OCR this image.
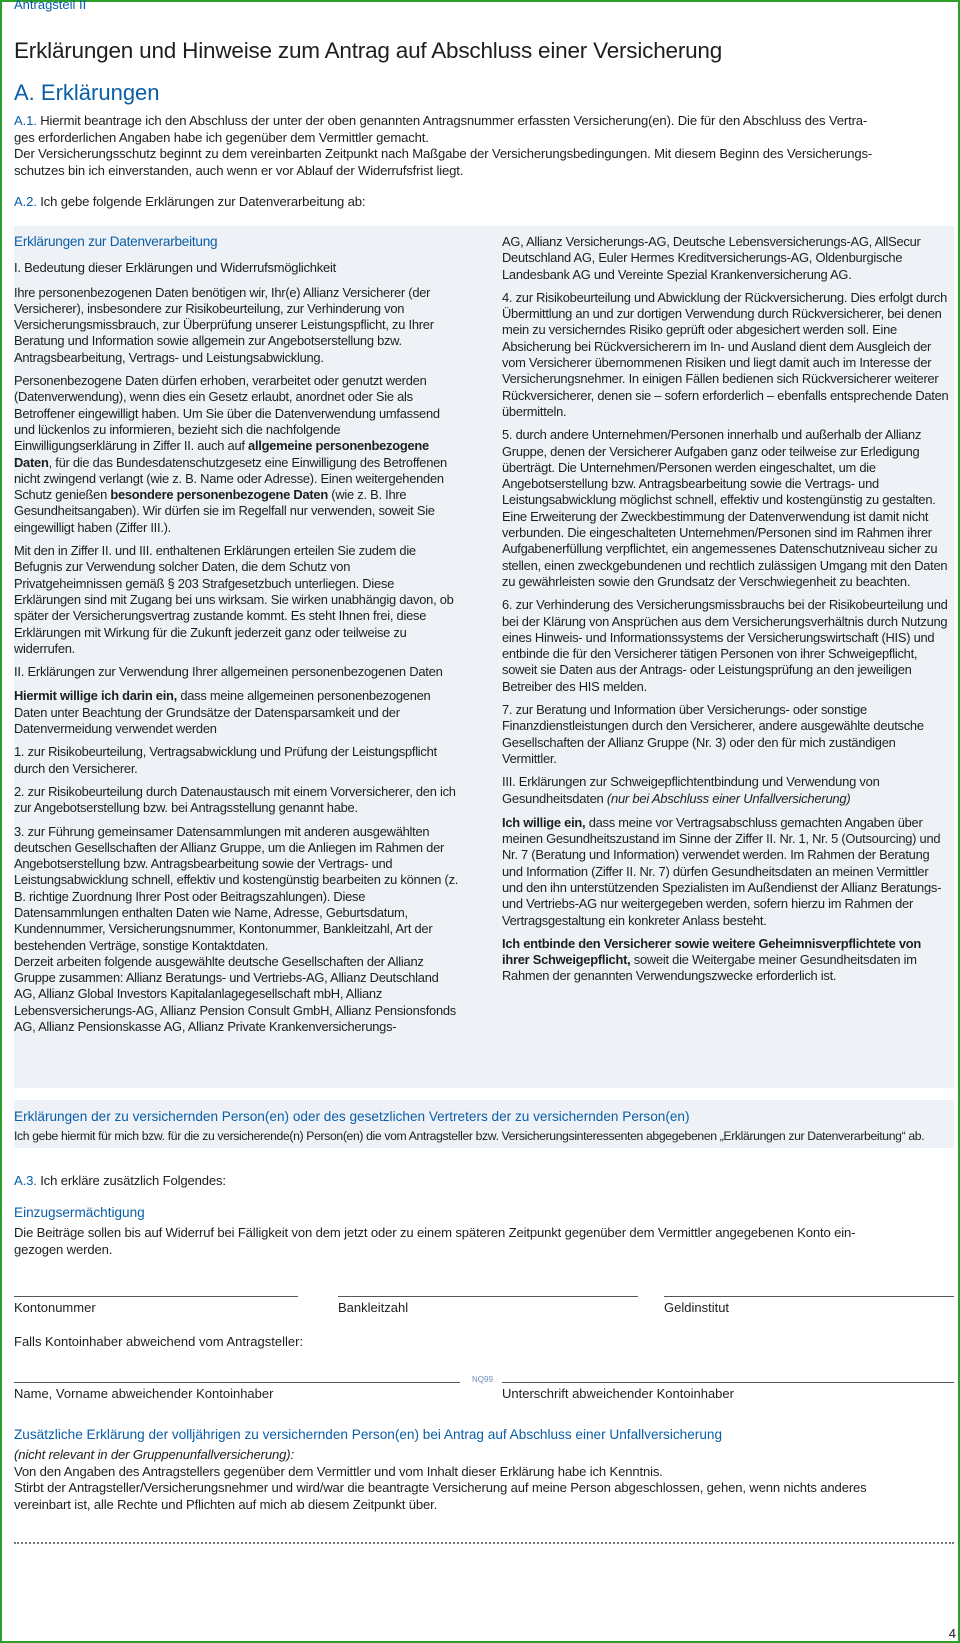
Antragsteil II
Erklärungen und Hinweise zum Antrag auf Abschluss einer Versicherung
A. Erklärungen
A.1. Hiermit beantrage ich den Abschluss der unter der oben genannten Antragsnummer erfassten Versicherung(en). Die für den Abschluss des Vertra-
ges erforderlichen Angaben habe ich gegenüber dem Vermittler gemacht.
Der Versicherungsschutz beginnt zu dem vereinbarten Zeitpunkt nach Maßgabe der Versicherungsbedingungen. Mit diesem Beginn des Versicherungs-
schutzes bin ich einverstanden, auch wenn er vor Ablauf der Widerrufsfrist liegt.
A.2. Ich gebe folgende Erklärungen zur Datenverarbeitung ab:
Erklärungen zur Datenverarbeitung
I. Bedeutung dieser Erklärungen und Widerrufsmöglichkeit

Ihre personenbezogenen Daten benötigen wir, Ihr(e) Allianz Versicherer (der Versicherer), insbesondere zur Risikobeurteilung, zur Verhinderung von Versicherungsmissbrauch, zur Überprüfung unserer Leistungspflicht, zu Ihrer Beratung und Information sowie allgemein zur Angebotserstellung bzw. Antragsbearbeitung, Vertrags- und Leistungsabwicklung.

Personenbezogene Daten dürfen erhoben, verarbeitet oder genutzt werden (Datenverwendung), wenn dies ein Gesetz erlaubt, anordnet oder Sie als Betroffener eingewilligt haben. Um Sie über die Datenverwendung umfassend und lückenlos zu informieren, bezieht sich die nachfolgende Einwilligungserklärung in Ziffer II. auch auf allgemeine personenbezogene Daten, für die das Bundesdatenschutzgesetz eine Einwilligung des Betroffenen nicht zwingend verlangt (wie z. B. Name oder Adresse). Einen weitergehenden Schutz genießen besondere personenbezogene Daten (wie z. B. Ihre Gesundheitsangaben). Wir dürfen sie im Regelfall nur verwenden, soweit Sie eingewilligt haben (Ziffer III.).

Mit den in Ziffer II. und III. enthaltenen Erklärungen erteilen Sie zudem die Befugnis zur Verwendung solcher Daten, die dem Schutz von Privatgeheimnissen gemäß § 203 Strafgesetzbuch unterliegen. Diese Erklärungen sind mit Zugang bei uns wirksam. Sie wirken unabhängig davon, ob später der Versicherungsvertrag zustande kommt. Es steht Ihnen frei, diese Erklärungen mit Wirkung für die Zukunft jederzeit ganz oder teilweise zu widerrufen.

II. Erklärungen zur Verwendung Ihrer allgemeinen personenbezogenen Daten

Hiermit willige ich darin ein, dass meine allgemeinen personenbezogenen Daten unter Beachtung der Grundsätze der Datensparsamkeit und der Datenvermeidung verwendet werden

1. zur Risikobeurteilung, Vertragsabwicklung und Prüfung der Leistungspflicht durch den Versicherer.

2. zur Risikobeurteilung durch Datenaustausch mit einem Vorversicherer, den ich zur Angebotserstellung bzw. bei Antragsstellung genannt habe.

3. zur Führung gemeinsamer Datensammlungen mit anderen ausgewählten deutschen Gesellschaften der Allianz Gruppe, um die Anliegen im Rahmen der Angebotserstellung bzw. Antragsbearbeitung sowie der Vertrags- und Leistungsabwicklung schnell, effektiv und kostengünstig bearbeiten zu können (z. B. richtige Zuordnung Ihrer Post oder Beitragszahlungen). Diese Datensammlungen enthalten Daten wie Name, Adresse, Geburtsdatum, Kundennummer, Versicherungsnummer, Kontonummer, Bankleitzahl, Art der bestehenden Verträge, sonstige Kontaktdaten.

Derzeit arbeiten folgende ausgewählte deutsche Gesellschaften der Allianz Gruppe zusammen: Allianz Beratungs- und Vertriebs-AG, Allianz Deutschland AG, Allianz Global Investors Kapitalanlagegesellschaft mbH, Allianz Lebensversicherungs-AG, Allianz Pension Consult GmbH, Allianz Pensionsfonds AG, Allianz Pensionskasse AG, Allianz Private Krankenversicherungs-

AG, Allianz Versicherungs-AG, Deutsche Lebensversicherungs-AG, AllSecur Deutschland AG, Euler Hermes Kreditversicherungs-AG, Oldenburgische Landesbank AG und Vereinte Spezial Krankenversicherung AG.

4. zur Risikobeurteilung und Abwicklung der Rückversicherung. Dies erfolgt durch Übermittlung an und zur dortigen Verwendung durch Rückversicherer, bei denen mein zu versicherndes Risiko geprüft oder abgesichert werden soll. Eine Absicherung bei Rückversicherern im In- und Ausland dient dem Ausgleich der vom Versicherer übernommenen Risiken und liegt damit auch im Interesse der Versicherungsnehmer. In einigen Fällen bedienen sich Rückversicherer weiterer Rückversicherer, denen sie – sofern erforderlich – ebenfalls entsprechende Daten übermitteln.

5. durch andere Unternehmen/Personen innerhalb und außerhalb der Allianz Gruppe, denen der Versicherer Aufgaben ganz oder teilweise zur Erledigung überträgt. Die Unternehmen/Personen werden eingeschaltet, um die Angebotserstellung bzw. Antragsbearbeitung sowie die Vertrags- und Leistungsabwicklung möglichst schnell, effektiv und kostengünstig zu gestalten. Eine Erweiterung der Zweckbestimmung der Datenverwendung ist damit nicht verbunden. Die eingeschalteten Unternehmen/Personen sind im Rahmen ihrer Aufgabenerfüllung verpflichtet, ein angemessenes Datenschutzniveau sicher zu stellen, einen zweckgebundenen und rechtlich zulässigen Umgang mit den Daten zu gewährleisten sowie den Grundsatz der Verschwiegenheit zu beachten.

6. zur Verhinderung des Versicherungsmissbrauchs bei der Risikobeurteilung und bei der Klärung von Ansprüchen aus dem Versicherungsverhältnis durch Nutzung eines Hinweis- und Informationssystems der Versicherungswirtschaft (HIS) und entbinde die für den Versicherer tätigen Personen von ihrer Schweigepflicht, soweit sie Daten aus der Antrags- oder Leistungsprüfung an den jeweiligen Betreiber des HIS melden.

7. zur Beratung und Information über Versicherungs- oder sonstige Finanzdienstleistungen durch den Versicherer, andere ausgewählte deutsche Gesellschaften der Allianz Gruppe (Nr. 3) oder den für mich zuständigen Vermittler.

III. Erklärungen zur Schweigepflichtentbindung und Verwendung von Gesundheitsdaten (nur bei Abschluss einer Unfallversicherung)

Ich willige ein, dass meine vor Vertragsabschluss gemachten Angaben über meinen Gesundheitszustand im Sinne der Ziffer II. Nr. 1, Nr. 5 (Outsourcing) und Nr. 7 (Beratung und Information) verwendet werden. Im Rahmen der Beratung und Information (Ziffer II. Nr. 7) dürfen Gesundheitsdaten an meinen Vermittler und den ihn unterstützenden Spezialisten im Außendienst der Allianz Beratungs- und Vertriebs-AG nur weitergegeben werden, sofern hierzu im Rahmen der Vertragsgestaltung ein konkreter Anlass besteht.

Ich entbinde den Versicherer sowie weitere Geheimnisverpflichtete von ihrer Schweigepflicht, soweit die Weitergabe meiner Gesundheitsdaten im Rahmen der genannten Verwendungszwecke erforderlich ist.

Erklärungen der zu versichernden Person(en) oder des gesetzlichen Vertreters der zu versichernden Person(en)
Ich gebe hiermit für mich bzw. für die zu versicherende(n) Person(en) die vom Antragsteller bzw. Versicherungsinteressenten abgegebenen „Erklärungen zur Datenverarbeitung“ ab.
A.3. Ich erkläre zusätzlich Folgendes:
Einzugsermächtigung
Die Beiträge sollen bis auf Widerruf bei Fälligkeit von dem jetzt oder zu einem späteren Zeitpunkt gegenüber dem Vermittler angegebenen Konto ein-
gezogen werden.
Kontonummer	Bankleitzahl	Geldinstitut
Falls Kontoinhaber abweichend vom Antragsteller:
NQ99
Name, Vorname abweichender Kontoinhaber	Unterschrift abweichender Kontoinhaber
Zusätzliche Erklärung der volljährigen zu versichernden Person(en) bei Antrag auf Abschluss einer Unfallversicherung
(nicht relevant in der Gruppenunfallversicherung):
Von den Angaben des Antragstellers gegenüber dem Vermittler und vom Inhalt dieser Erklärung habe ich Kenntnis.
Stirbt der Antragsteller/Versicherungsnehmer und wird/war die beantragte Versicherung auf meine Person abgeschlossen, gehen, wenn nichts anderes
vereinbart ist, alle Rechte und Pflichten auf mich ab diesem Zeitpunkt über.
4
